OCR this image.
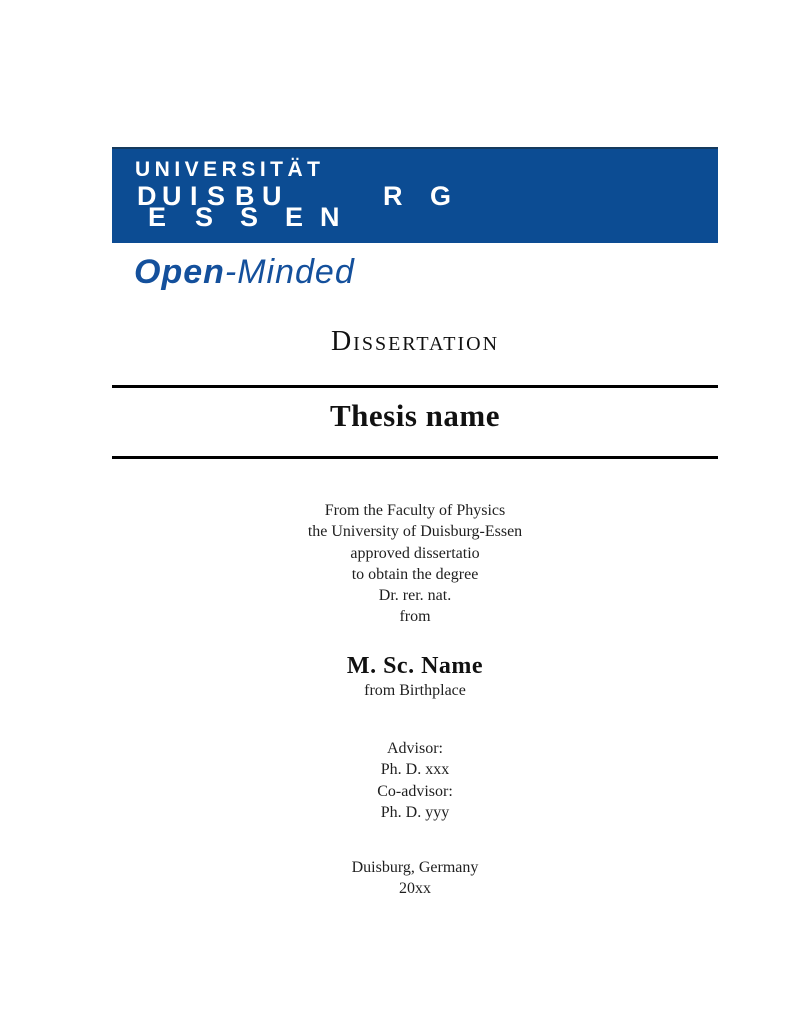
UNIVERSITÄT
D U I S B U	R G
E S S E N
Open-Minded
Dissertation
Thesis name
From the Faculty of Physics
the University of Duisburg-Essen
approved dissertatio
to obtain the degree
Dr. rer. nat.
from
M. Sc. Name
from Birthplace
Advisor:
Ph. D. xxx
Co-advisor:
Ph. D. yyy
Duisburg, Germany
20xx
